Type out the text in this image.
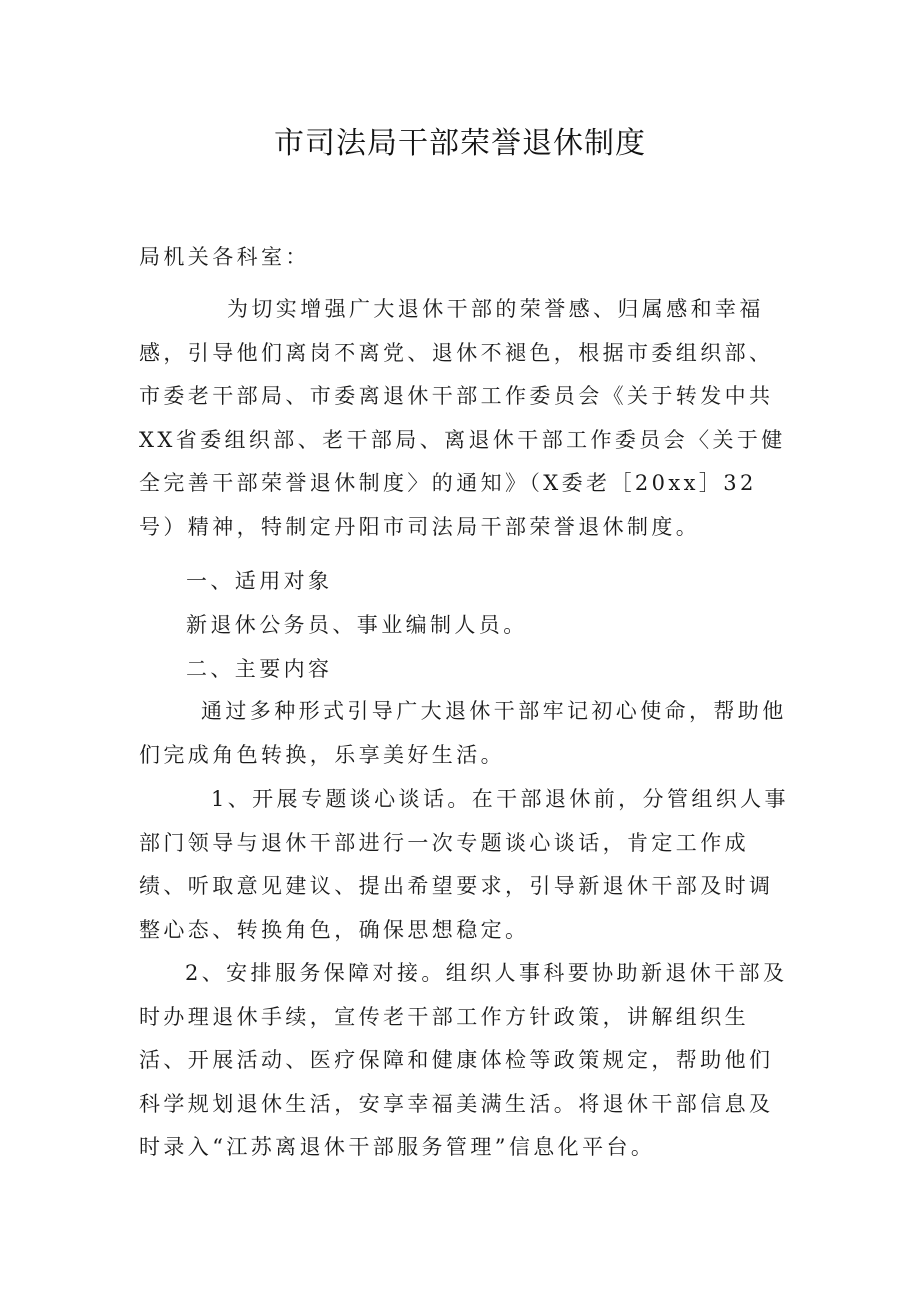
市司法局干部荣誉退休制度

局机关各科室：

为切实增强广大退休干部的荣誉感、归属感和幸福感，引导他们离岗不离党、退休不褪色，根据市委组织部、市委老干部局、市委离退休干部工作委员会《关于转发中共XX省委组织部、老干部局、离退休干部工作委员会〈关于健全完善干部荣誉退休制度〉的通知》（X委老［20xx］32号）精神，特制定丹阳市司法局干部荣誉退休制度。

一、适用对象

新退休公务员、事业编制人员。

二、主要内容

通过多种形式引导广大退休干部牢记初心使命，帮助他们完成角色转换，乐享美好生活。

1、开展专题谈心谈话。在干部退休前，分管组织人事部门领导与退休干部进行一次专题谈心谈话，肯定工作成绩、听取意见建议、提出希望要求，引导新退休干部及时调整心态、转换角色，确保思想稳定。

2、安排服务保障对接。组织人事科要协助新退休干部及时办理退休手续，宣传老干部工作方针政策，讲解组织生活、开展活动、医疗保障和健康体检等政策规定，帮助他们科学规划退休生活，安享幸福美满生活。将退休干部信息及时录入“江苏离退休干部服务管理”信息化平台。
